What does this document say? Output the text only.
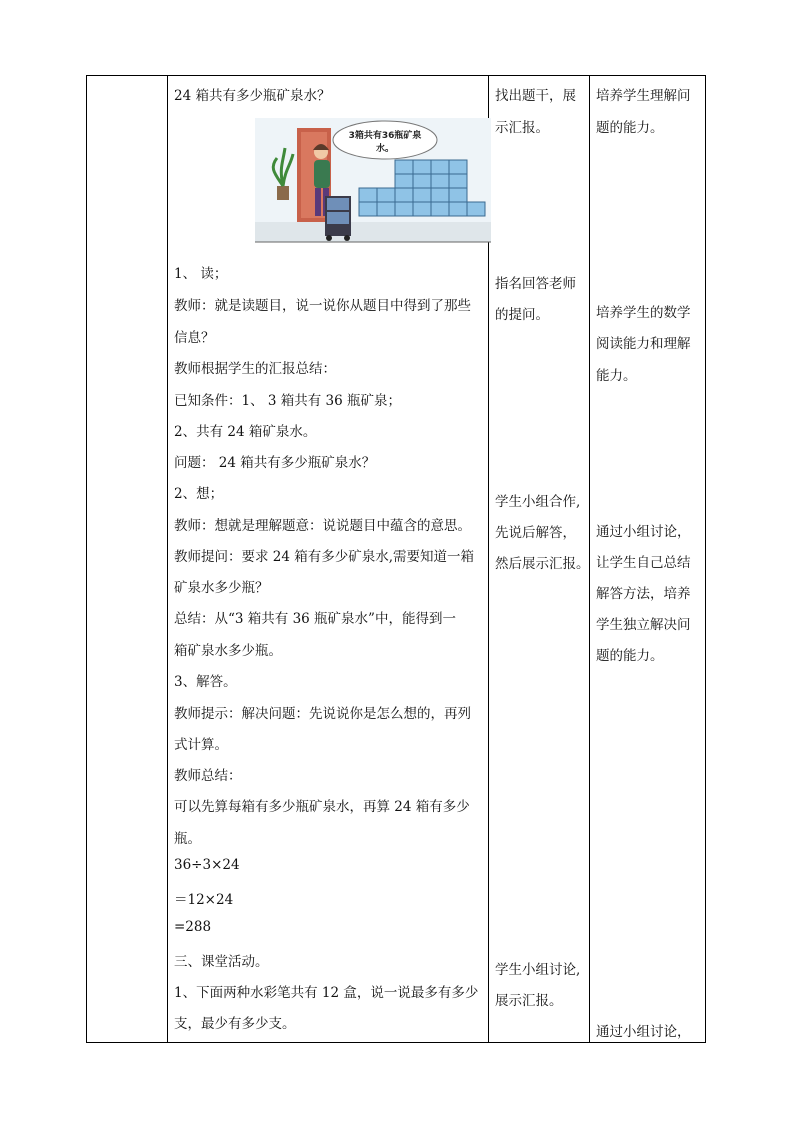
24 箱共有多少瓶矿泉水？
3箱共有36瓶矿泉
水。
1、 读；
教师：就是读题目，说一说你从题目中得到了那些
信息？
教师根据学生的汇报总结：
已知条件：1、 3 箱共有 36 瓶矿泉；
2、共有 24 箱矿泉水。
问题： 24 箱共有多少瓶矿泉水？
2、想；
教师：想就是理解题意：说说题目中蕴含的意思。
教师提问：要求 24 箱有多少矿泉水,需要知道一箱
矿泉水多少瓶？
总结：从“3 箱共有 36 瓶矿泉水”中，能得到一
箱矿泉水多少瓶。
3、解答。
教师提示：解决问题：先说说你是怎么想的，再列
式计算。
教师总结：
可以先算每箱有多少瓶矿泉水，再算 24 箱有多少
瓶。
36÷3×24
＝12×24
=288
三、课堂活动。
1、下面两种水彩笔共有 12 盒，说一说最多有多少
支，最少有多少支。
找出题干，展
示汇报。
指名回答老师
的提问。
学生小组合作,
先说后解答，
然后展示汇报。
学生小组讨论,
展示汇报。
培养学生理解问
题的能力。
培养学生的数学
阅读能力和理解
能力。
通过小组讨论，
让学生自己总结
解答方法，培养
学生独立解决问
题的能力。
通过小组讨论，
